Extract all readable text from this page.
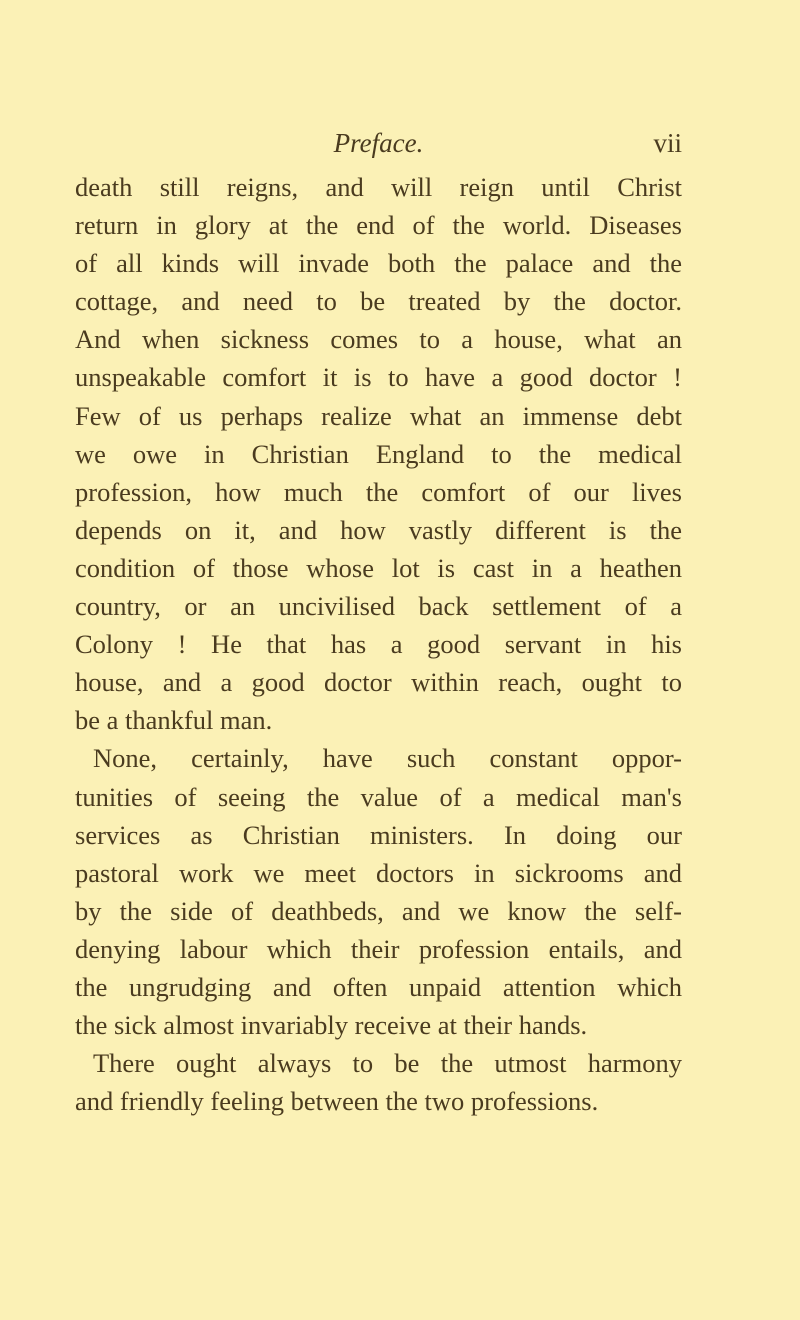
Preface.	vii
death still reigns, and will reign until Christ
return in glory at the end of the world. Diseases
of all kinds will invade both the palace and the
cottage, and need to be treated by the doctor.
And when sickness comes to a house, what an
unspeakable comfort it is to have a good doctor !
Few of us perhaps realize what an immense debt
we owe in Christian England to the medical
profession, how much the comfort of our lives
depends on it, and how vastly different is the
condition of those whose lot is cast in a heathen
country, or an uncivilised back settlement of a
Colony ! He that has a good servant in his
house, and a good doctor within reach, ought to
be a thankful man.
None, certainly, have such constant oppor-
tunities of seeing the value of a medical man's
services as Christian ministers. In doing our
pastoral work we meet doctors in sickrooms and
by the side of deathbeds, and we know the self-
denying labour which their profession entails, and
the ungrudging and often unpaid attention which
the sick almost invariably receive at their hands.
There ought always to be the utmost harmony
and friendly feeling between the two professions.
